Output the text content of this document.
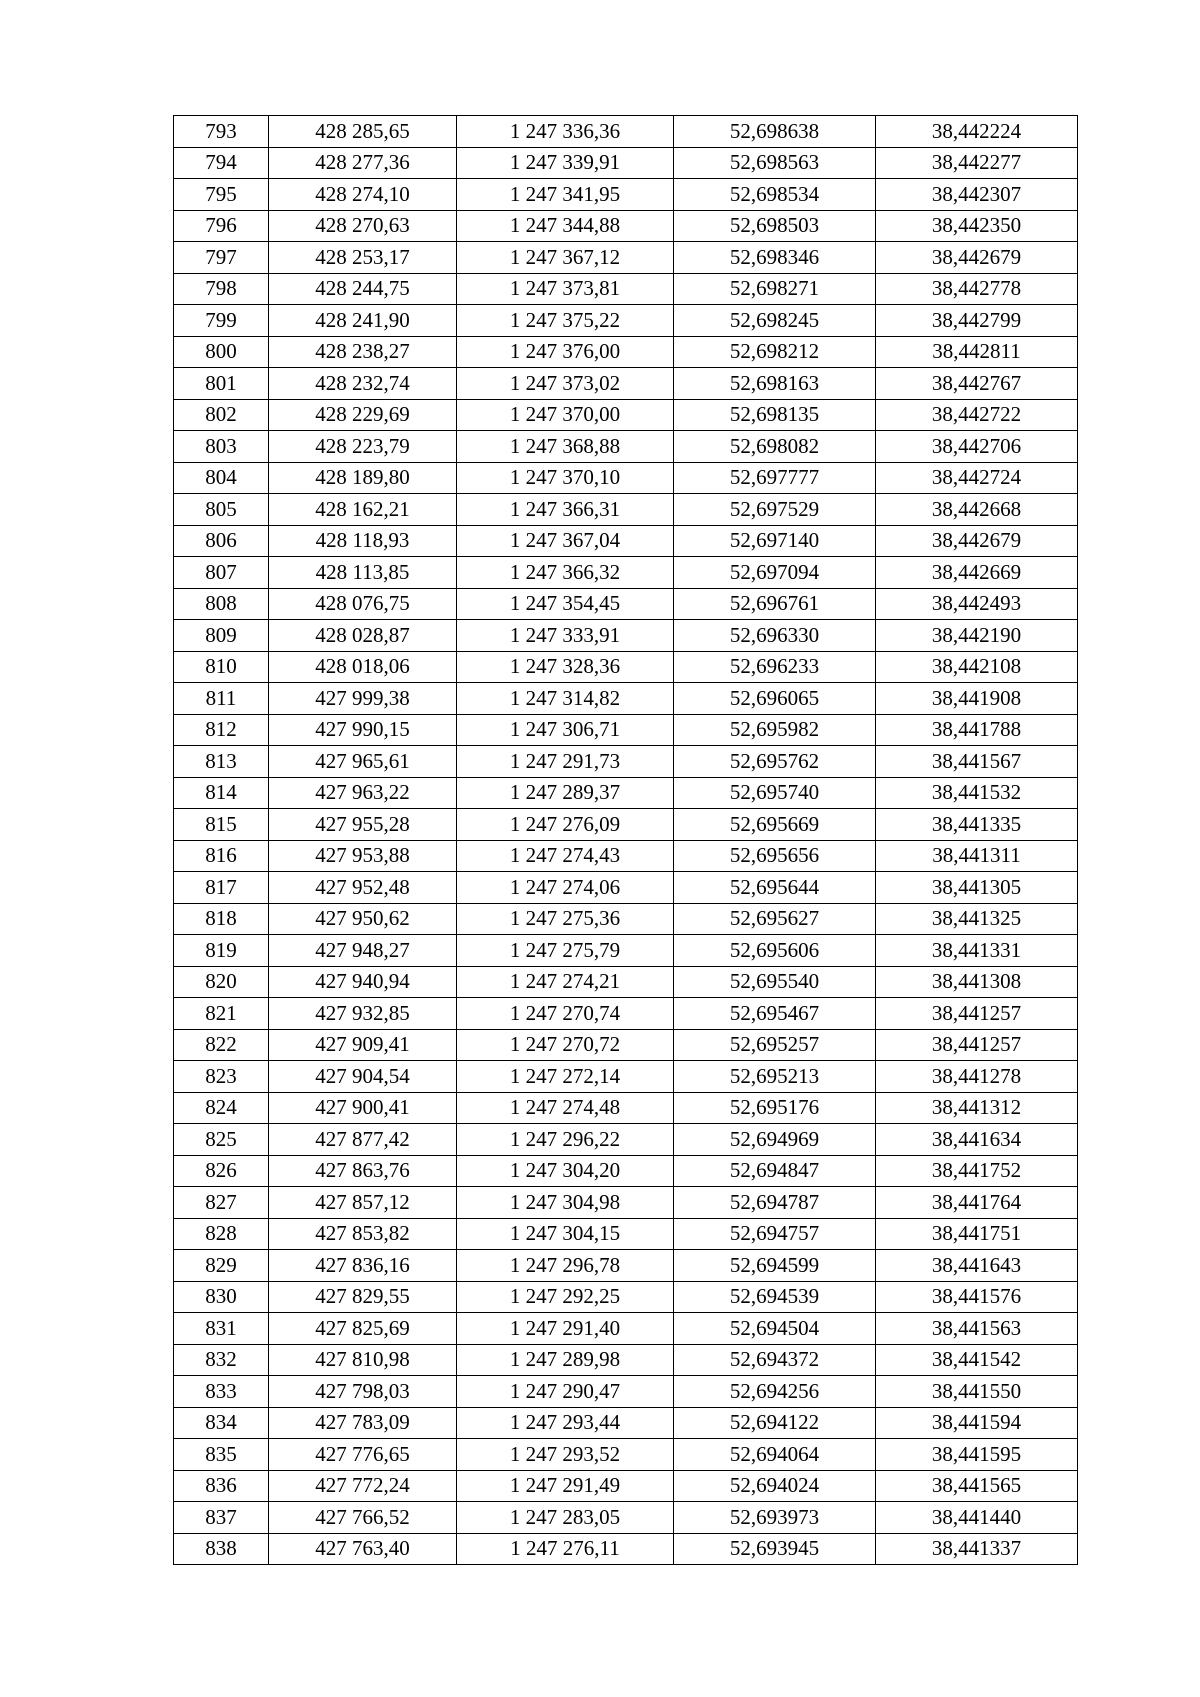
793	428 285,65	1 247 336,36	52,698638	38,442224
794	428 277,36	1 247 339,91	52,698563	38,442277
795	428 274,10	1 247 341,95	52,698534	38,442307
796	428 270,63	1 247 344,88	52,698503	38,442350
797	428 253,17	1 247 367,12	52,698346	38,442679
798	428 244,75	1 247 373,81	52,698271	38,442778
799	428 241,90	1 247 375,22	52,698245	38,442799
800	428 238,27	1 247 376,00	52,698212	38,442811
801	428 232,74	1 247 373,02	52,698163	38,442767
802	428 229,69	1 247 370,00	52,698135	38,442722
803	428 223,79	1 247 368,88	52,698082	38,442706
804	428 189,80	1 247 370,10	52,697777	38,442724
805	428 162,21	1 247 366,31	52,697529	38,442668
806	428 118,93	1 247 367,04	52,697140	38,442679
807	428 113,85	1 247 366,32	52,697094	38,442669
808	428 076,75	1 247 354,45	52,696761	38,442493
809	428 028,87	1 247 333,91	52,696330	38,442190
810	428 018,06	1 247 328,36	52,696233	38,442108
811	427 999,38	1 247 314,82	52,696065	38,441908
812	427 990,15	1 247 306,71	52,695982	38,441788
813	427 965,61	1 247 291,73	52,695762	38,441567
814	427 963,22	1 247 289,37	52,695740	38,441532
815	427 955,28	1 247 276,09	52,695669	38,441335
816	427 953,88	1 247 274,43	52,695656	38,441311
817	427 952,48	1 247 274,06	52,695644	38,441305
818	427 950,62	1 247 275,36	52,695627	38,441325
819	427 948,27	1 247 275,79	52,695606	38,441331
820	427 940,94	1 247 274,21	52,695540	38,441308
821	427 932,85	1 247 270,74	52,695467	38,441257
822	427 909,41	1 247 270,72	52,695257	38,441257
823	427 904,54	1 247 272,14	52,695213	38,441278
824	427 900,41	1 247 274,48	52,695176	38,441312
825	427 877,42	1 247 296,22	52,694969	38,441634
826	427 863,76	1 247 304,20	52,694847	38,441752
827	427 857,12	1 247 304,98	52,694787	38,441764
828	427 853,82	1 247 304,15	52,694757	38,441751
829	427 836,16	1 247 296,78	52,694599	38,441643
830	427 829,55	1 247 292,25	52,694539	38,441576
831	427 825,69	1 247 291,40	52,694504	38,441563
832	427 810,98	1 247 289,98	52,694372	38,441542
833	427 798,03	1 247 290,47	52,694256	38,441550
834	427 783,09	1 247 293,44	52,694122	38,441594
835	427 776,65	1 247 293,52	52,694064	38,441595
836	427 772,24	1 247 291,49	52,694024	38,441565
837	427 766,52	1 247 283,05	52,693973	38,441440
838	427 763,40	1 247 276,11	52,693945	38,441337
